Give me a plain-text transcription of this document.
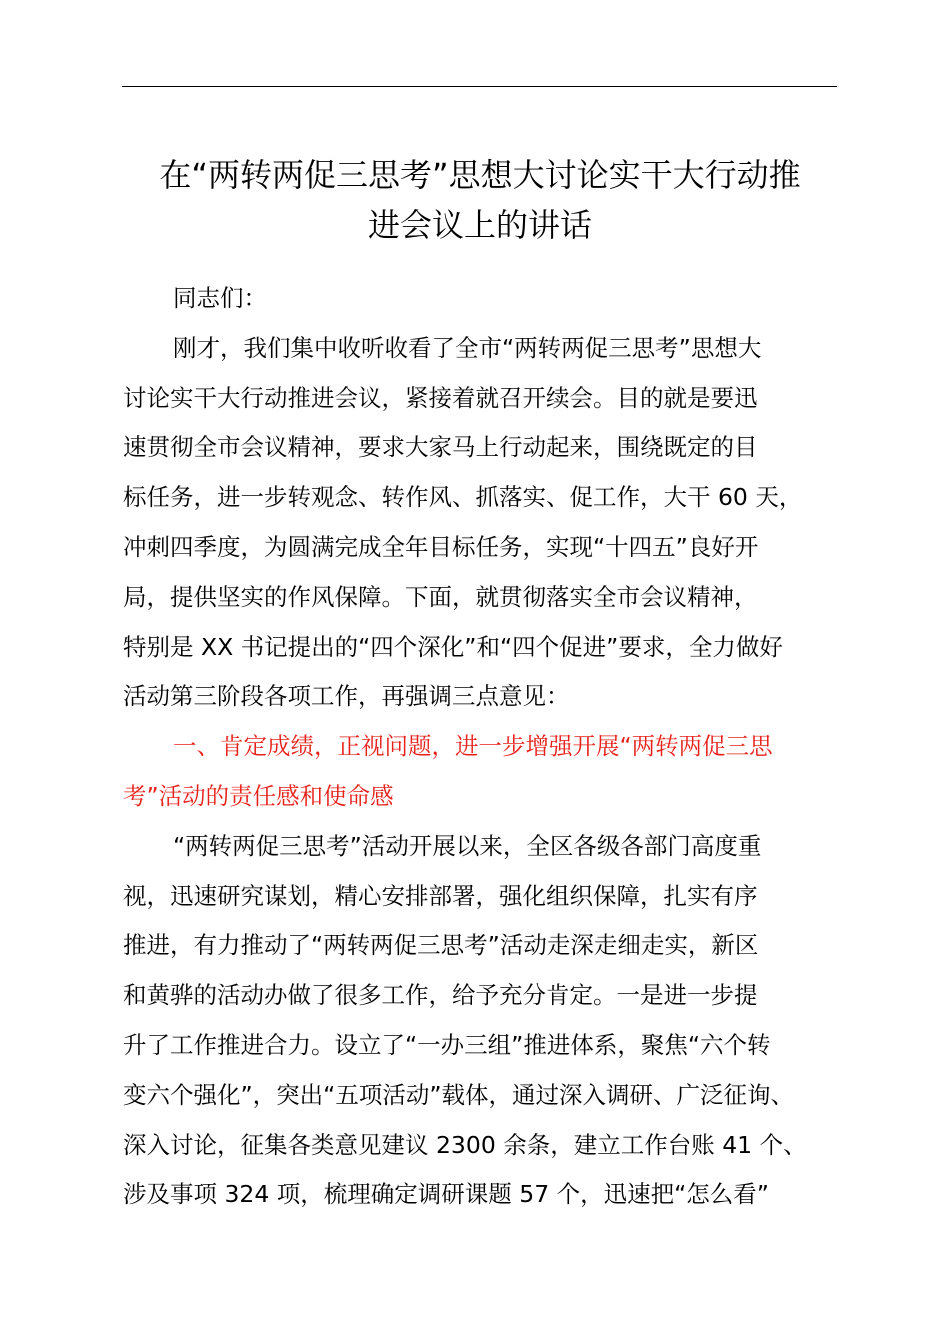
在“两转两促三思考”思想大讨论实干大行动推
进会议上的讲话
同志们：
刚才，我们集中收听收看了全市“两转两促三思考”思想大
讨论实干大行动推进会议，紧接着就召开续会。目的就是要迅
速贯彻全市会议精神，要求大家马上行动起来，围绕既定的目
标任务，进一步转观念、转作风、抓落实、促工作，大干 60 天，
冲刺四季度，为圆满完成全年目标任务，实现“十四五”良好开
局，提供坚实的作风保障。下面，就贯彻落实全市会议精神，
特别是 XX 书记提出的“四个深化”和“四个促进”要求，全力做好
活动第三阶段各项工作，再强调三点意见：
一、肯定成绩，正视问题，进一步增强开展“两转两促三思
考”活动的责任感和使命感
“两转两促三思考”活动开展以来，全区各级各部门高度重
视，迅速研究谋划，精心安排部署，强化组织保障，扎实有序
推进，有力推动了“两转两促三思考”活动走深走细走实，新区
和黄骅的活动办做了很多工作，给予充分肯定。一是进一步提
升了工作推进合力。设立了“一办三组”推进体系，聚焦“六个转
变六个强化”，突出“五项活动”载体，通过深入调研、广泛征询、
深入讨论，征集各类意见建议 2300 余条，建立工作台账 41 个、
涉及事项 324 项，梳理确定调研课题 57 个，迅速把“怎么看”
